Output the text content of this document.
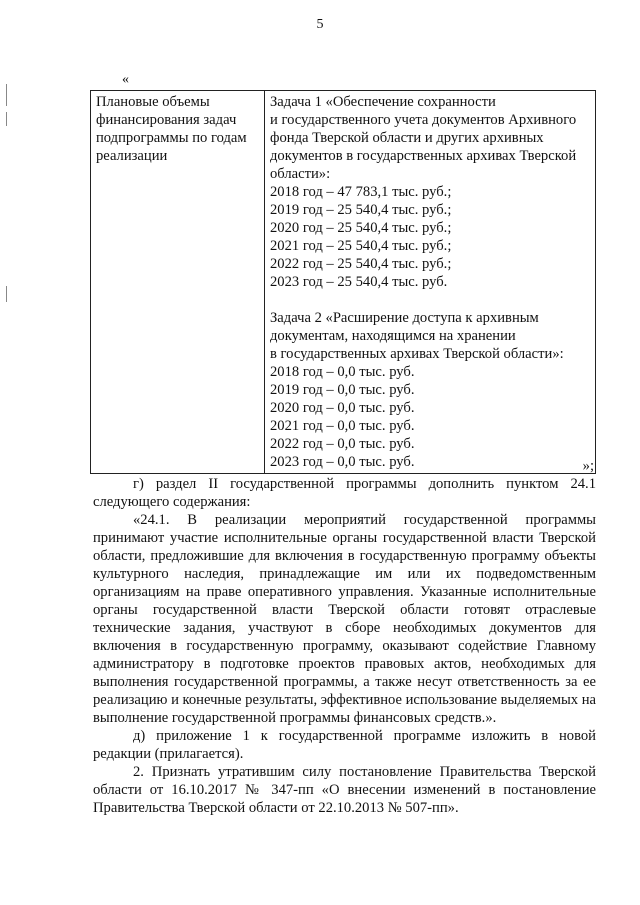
5
«
Плановые объемы
финансирования задач
подпрограммы по годам
реализации

Задача 1 «Обеспечение сохранности
и государственного учета документов Архивного
фонда Тверской области и других архивных
документов в государственных архивах Тверской
области»:
2018 год – 47 783,1 тыс. руб.;
2019 год – 25 540,4 тыс. руб.;
2020 год – 25 540,4 тыс. руб.;
2021 год – 25 540,4 тыс. руб.;
2022 год – 25 540,4 тыс. руб.;
2023 год – 25 540,4 тыс. руб.
Задача 2 «Расширение доступа к архивным
документам, находящимся на хранении
в государственных архивах Тверской области»:
2018 год – 0,0 тыс. руб.
2019 год – 0,0 тыс. руб.
2020 год – 0,0 тыс. руб.
2021 год – 0,0 тыс. руб.
2022 год – 0,0 тыс. руб.
2023 год – 0,0 тыс. руб.	»;

г) раздел II государственной программы дополнить пунктом 24.1 следующего содержания:

«24.1. В реализации мероприятий государственной программы принимают участие исполнительные органы государственной власти Тверской области, предложившие для включения в государственную программу объекты культурного наследия, принадлежащие им или их подведомственным организациям на праве оперативного управления. Указанные исполнительные органы государственной власти Тверской области готовят отраслевые технические задания, участвуют в сборе необходимых документов для включения в государственную программу, оказывают содействие Главному администратору в подготовке проектов правовых актов, необходимых для выполнения государственной программы, а также несут ответственность за ее реализацию и конечные результаты, эффективное использование выделяемых на выполнение государственной программы финансовых средств.».

д) приложение 1 к государственной программе изложить в новой редакции (прилагается).

2. Признать утратившим силу постановление Правительства Тверской области от 16.10.2017 № 347-пп «О внесении изменений в постановление Правительства Тверской области от 22.10.2013 № 507-пп».
